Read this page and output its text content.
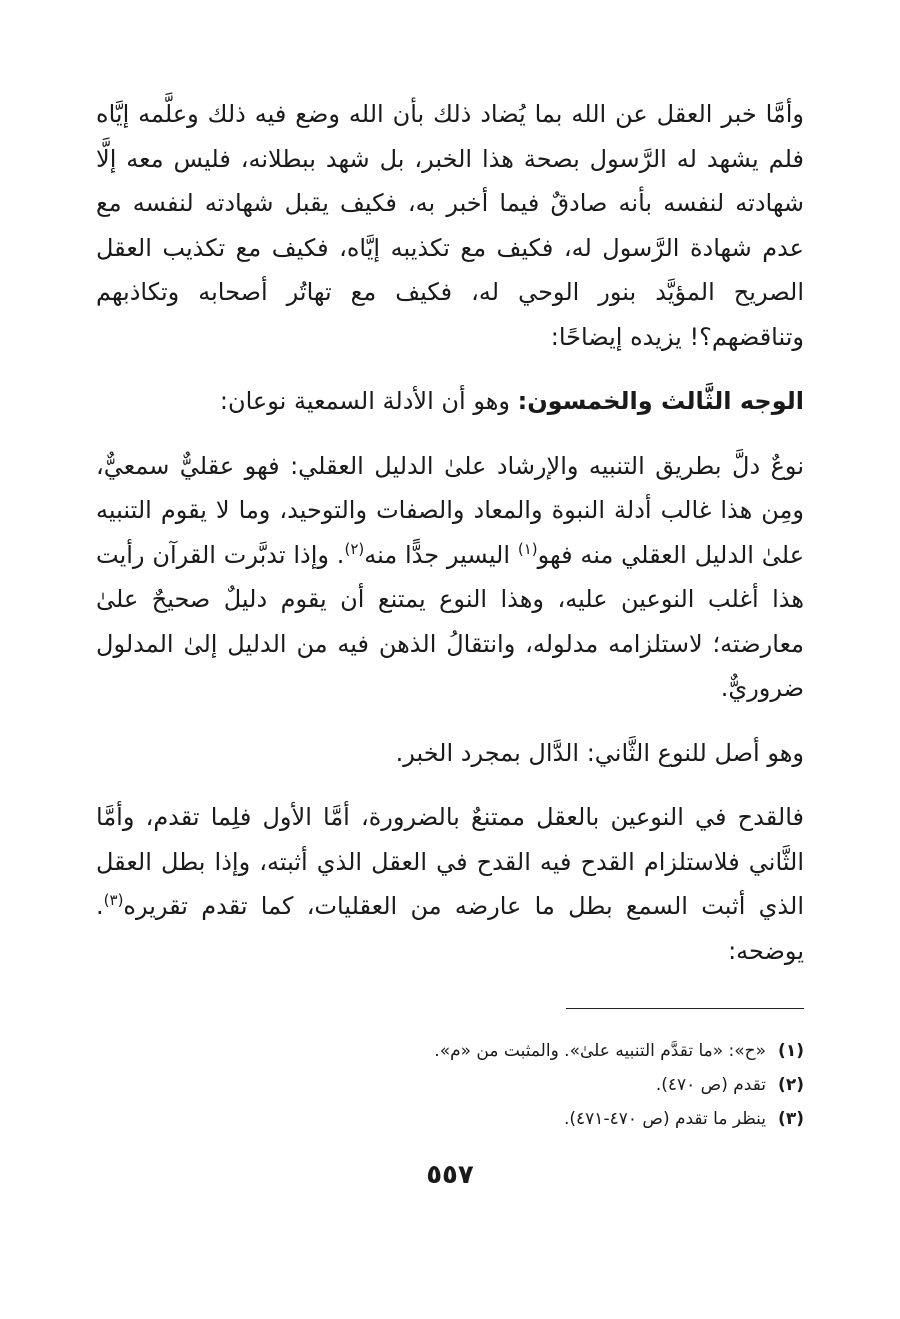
وأمَّا خبر العقل عن الله بما يُضاد ذلك بأن الله وضع فيه ذلك وعلَّمه إيَّاه فلم يشهد له الرَّسول بصحة هذا الخبر، بل شهد ببطلانه، فليس معه إلَّا شهادته لنفسه بأنه صادقٌ فيما أخبر به، فكيف يقبل شهادته لنفسه مع عدم شهادة الرَّسول له، فكيف مع تكذيبه إيَّاه، فكيف مع تكذيب العقل الصريح المؤيَّد بنور الوحي له، فكيف مع تهاتُر أصحابه وتكاذبهم وتناقضهم؟! يزيده إيضاحًا:

الوجه الثَّالث والخمسون: وهو أن الأدلة السمعية نوعان:

نوعٌ دلَّ بطريق التنبيه والإرشاد علىٰ الدليل العقلي: فهو عقليٌّ سمعيٌّ، ومِن هذا غالب أدلة النبوة والمعاد والصفات والتوحيد، وما لا يقوم التنبيه علىٰ الدليل العقلي منه فهو$^{(١)}$ اليسير جدًّا منه$^{(٢)}$. وإذا تدبَّرت القرآن رأيت هذا أغلب النوعين عليه، وهذا النوع يمتنع أن يقوم دليلٌ صحيحٌ علىٰ معارضته؛ لاستلزامه مدلوله، وانتقالُ الذهن فيه من الدليل إلىٰ المدلول ضروريٌّ.

وهو أصل للنوع الثَّاني: الدَّال بمجرد الخبر.

فالقدح في النوعين بالعقل ممتنعٌ بالضرورة، أمَّا الأول فلِما تقدم، وأمَّا الثَّاني فلاستلزام القدح فيه القدح في العقل الذي أثبته، وإذا بطل العقل الذي أثبت السمع بطل ما عارضه من العقليات، كما تقدم تقريره$^{(٣)}$. يوضحه:

(١)
«ح»: «ما تقدَّم التنبيه علىٰ». والمثبت من «م».
(٢)
تقدم (ص ٤٧٠).
(٣)
ينظر ما تقدم (ص ٤٧٠-٤٧١).
٥٥٧
